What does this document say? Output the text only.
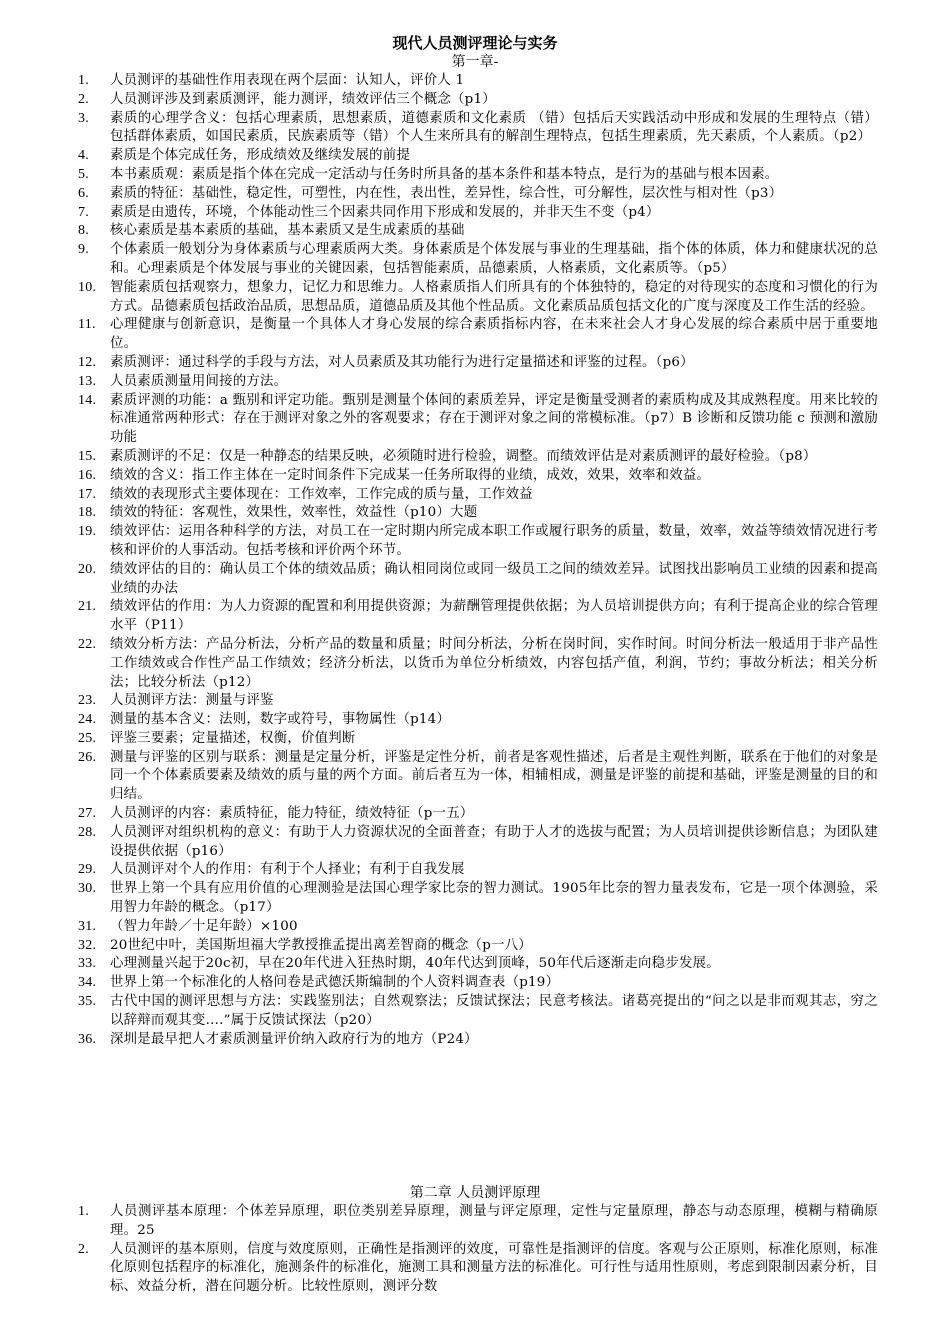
现代人员测评理论与实务
第一章-
1.	人员测评的基础性作用表现在两个层面：认知人，评价人 1
2.	人员测评涉及到素质测评，能力测评，绩效评估三个概念（p1）
3.	素质的心理学含义：包括心理素质，思想素质，道德素质和文化素质 （错）包括后天实践活动中形成和发展的生理特点（错）包括群体素质，如国民素质，民族素质等（错）个人生来所具有的解剖生理特点，包括生理素质，先天素质，个人素质。（p2）
4.	素质是个体完成任务，形成绩效及继续发展的前提
5.	本书素质观：素质是指个体在完成一定活动与任务时所具备的基本条件和基本特点，是行为的基础与根本因素。
6.	素质的特征：基础性，稳定性，可塑性，内在性，表出性，差异性，综合性，可分解性，层次性与相对性（p3）
7.	素质是由遗传，环境，个体能动性三个因素共同作用下形成和发展的，并非天生不变（p4）
8.	核心素质是基本素质的基础，基本素质又是生成素质的基础
9.	个体素质一般划分为身体素质与心理素质两大类。身体素质是个体发展与事业的生理基础，指个体的体质，体力和健康状况的总和。心理素质是个体发展与事业的关键因素，包括智能素质，品德素质，人格素质，文化素质等。（p5）
10.	智能素质包括观察力，想象力，记忆力和思维力。人格素质指人们所具有的个体独特的，稳定的对待现实的态度和习惯化的行为方式。品德素质包括政治品质，思想品质，道德品质及其他个性品质。文化素质品质包括文化的广度与深度及工作生活的经验。
11.	心理健康与创新意识，是衡量一个具体人才身心发展的综合素质指标内容，在未来社会人才身心发展的综合素质中居于重要地位。
12.	素质测评：通过科学的手段与方法，对人员素质及其功能行为进行定量描述和评鉴的过程。（p6）
13.	人员素质测量用间接的方法。
14.	素质评测的功能：a 甄别和评定功能。甄别是测量个体间的素质差异，评定是衡量受测者的素质构成及其成熟程度。用来比较的标准通常两种形式：存在于测评对象之外的客观要求；存在于测评对象之间的常模标准。（p7）B 诊断和反馈功能 c 预测和激励功能
15.	素质测评的不足：仅是一种静态的结果反映，必须随时进行检验，调整。而绩效评估是对素质测评的最好检验。（p8）
16.	绩效的含义：指工作主体在一定时间条件下完成某一任务所取得的业绩，成效，效果，效率和效益。
17.	绩效的表现形式主要体现在：工作效率，工作完成的质与量，工作效益
18.	绩效的特征：客观性，效果性，效率性，效益性（p10）大题
19.	绩效评估：运用各种科学的方法，对员工在一定时期内所完成本职工作或履行职务的质量，数量，效率，效益等绩效情况进行考核和评价的人事活动。包括考核和评价两个环节。
20.	绩效评估的目的：确认员工个体的绩效品质；确认相同岗位或同一级员工之间的绩效差异。试图找出影响员工业绩的因素和提高业绩的办法
21.	绩效评估的作用：为人力资源的配置和利用提供资源；为薪酬管理提供依据；为人员培训提供方向；有利于提高企业的综合管理水平（P11）
22.	绩效分析方法：产品分析法，分析产品的数量和质量；时间分析法，分析在岗时间，实作时间。时间分析法一般适用于非产品性工作绩效或合作性产品工作绩效；经济分析法，以货币为单位分析绩效，内容包括产值，利润，节约；事故分析法；相关分析法；比较分析法（p12）
23.	人员测评方法：测量与评鉴
24.	测量的基本含义：法则，数字或符号，事物属性（p14）
25.	评鉴三要素；定量描述，权衡，价值判断
26.	测量与评鉴的区别与联系：测量是定量分析，评鉴是定性分析，前者是客观性描述，后者是主观性判断，联系在于他们的对象是同一个个体素质要素及绩效的质与量的两个方面。前后者互为一体，相辅相成，测量是评鉴的前提和基础，评鉴是测量的目的和归结。
27.	人员测评的内容：素质特征，能力特征，绩效特征（p一五）
28.	人员测评对组织机构的意义：有助于人力资源状况的全面普查；有助于人才的选拔与配置；为人员培训提供诊断信息；为团队建设提供依据（p16）
29.	人员测评对个人的作用：有利于个人择业；有利于自我发展
30.	世界上第一个具有应用价值的心理测验是法国心理学家比奈的智力测试。1905年比奈的智力量表发布，它是一项个体测验，采用智力年龄的概念。（p17）
31.	（智力年龄／十足年龄）×100
32.	20世纪中叶，美国斯坦福大学教授推孟提出离差智商的概念（p一八）
33.	心理测量兴起于20c初，早在20年代进入狂热时期，40年代达到顶峰，50年代后逐渐走向稳步发展。
34.	世界上第一个标准化的人格问卷是武德沃斯编制的个人资料调查表（p19）
35.	古代中国的测评思想与方法：实践鉴别法；自然观察法；反馈试探法；民意考核法。诸葛亮提出的“问之以是非而观其志，穷之以辞辩而观其变….”属于反馈试探法（p20）
36.	深圳是最早把人才素质测量评价纳入政府行为的地方（P24）
第二章 人员测评原理
1.	人员测评基本原理：个体差异原理，职位类别差异原理，测量与评定原理，定性与定量原理，静态与动态原理，模糊与精确原理。25
2.	人员测评的基本原则，信度与效度原则，正确性是指测评的效度，可靠性是指测评的信度。客观与公正原则，标准化原则，标准化原则包括程序的标准化，施测条件的标准化，施测工具和测量方法的标准化。可行性与适用性原则，考虑到限制因素分析，目标、效益分析，潜在问题分析。比较性原则，测评分数
